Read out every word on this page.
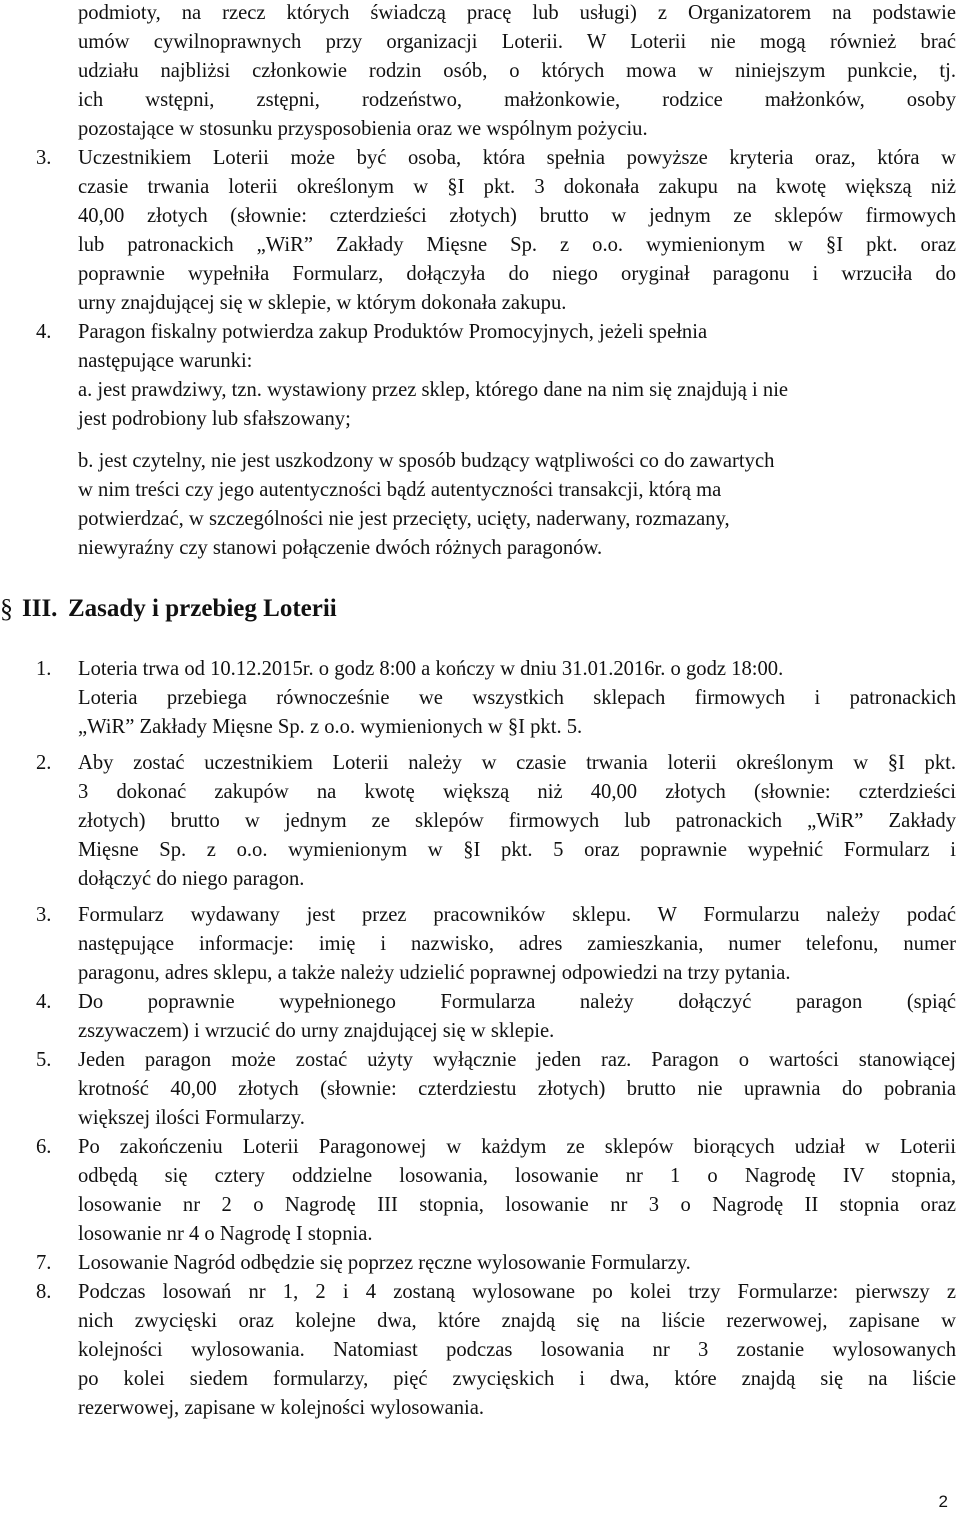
podmioty, na rzecz których świadczą pracę lub usługi) z Organizatorem na podstawie
umów cywilnoprawnych przy organizacji Loterii. W Loterii nie mogą również brać
udziału najbliżsi członkowie rodzin osób, o których mowa w niniejszym punkcie, tj.
ich wstępni, zstępni, rodzeństwo, małżonkowie, rodzice małżonków, osoby
pozostające w stosunku przysposobienia oraz we wspólnym pożyciu.
3. Uczestnikiem Loterii może być osoba, która spełnia powyższe kryteria oraz, która w
czasie trwania loterii określonym w §I pkt. 3 dokonała zakupu na kwotę większą niż
40,00 złotych (słownie: czterdzieści złotych) brutto w jednym ze sklepów firmowych
lub patronackich „WiR” Zakłady Mięsne Sp. z o.o. wymienionym w §I pkt. oraz
poprawnie wypełniła Formularz, dołączyła do niego oryginał paragonu i wrzuciła do
urny znajdującej się w sklepie, w którym dokonała zakupu.
4. Paragon fiskalny potwierdza zakup Produktów Promocyjnych, jeżeli spełnia
następujące warunki:
a. jest prawdziwy, tzn. wystawiony przez sklep, którego dane na nim się znajdują i nie
jest podrobiony lub sfałszowany;
b. jest czytelny, nie jest uszkodzony w sposób budzący wątpliwości co do zawartych
w nim treści czy jego autentyczności bądź autentyczności transakcji, którą ma
potwierdzać, w szczególności nie jest przecięty, ucięty, naderwany, rozmazany,
niewyraźny czy stanowi połączenie dwóch różnych paragonów.
§ III. Zasady i przebieg Loterii
1. Loteria trwa od 10.12.2015r. o godz 8:00 a kończy w dniu 31.01.2016r. o godz 18:00.
Loteria przebiega równocześnie we wszystkich sklepach firmowych i patronackich
„WiR” Zakłady Mięsne Sp. z o.o. wymienionych w §I pkt. 5.
2. Aby zostać uczestnikiem Loterii należy w czasie trwania loterii określonym w §I pkt.
3 dokonać zakupów na kwotę większą niż 40,00 złotych (słownie: czterdzieści
złotych) brutto w jednym ze sklepów firmowych lub patronackich „WiR” Zakłady
Mięsne Sp. z o.o. wymienionym w §I pkt. 5 oraz poprawnie wypełnić Formularz i
dołączyć do niego paragon.
3. Formularz wydawany jest przez pracowników sklepu. W Formularzu należy podać
następujące informacje: imię i nazwisko, adres zamieszkania, numer telefonu, numer
paragonu, adres sklepu, a także należy udzielić poprawnej odpowiedzi na trzy pytania.
4. Do poprawnie wypełnionego Formularza należy dołączyć paragon (spiąć
zszywaczem) i wrzucić do urny znajdującej się w sklepie.
5. Jeden paragon może zostać użyty wyłącznie jeden raz. Paragon o wartości stanowiącej
krotność 40,00 złotych (słownie: czterdziestu złotych) brutto nie uprawnia do pobrania
większej ilości Formularzy.
6. Po zakończeniu Loterii Paragonowej w każdym ze sklepów biorących udział w Loterii
odbędą się cztery oddzielne losowania, losowanie nr 1 o Nagrodę IV stopnia,
losowanie nr 2 o Nagrodę III stopnia, losowanie nr 3 o Nagrodę II stopnia oraz
losowanie nr 4 o Nagrodę I stopnia.
7. Losowanie Nagród odbędzie się poprzez ręczne wylosowanie Formularzy.
8. Podczas losowań nr 1, 2 i 4 zostaną wylosowane po kolei trzy Formularze: pierwszy z
nich zwycięski oraz kolejne dwa, które znajdą się na liście rezerwowej, zapisane w
kolejności wylosowania. Natomiast podczas losowania nr 3 zostanie wylosowanych
po kolei siedem formularzy, pięć zwycięskich i dwa, które znajdą się na liście
rezerwowej, zapisane w kolejności wylosowania.
2
